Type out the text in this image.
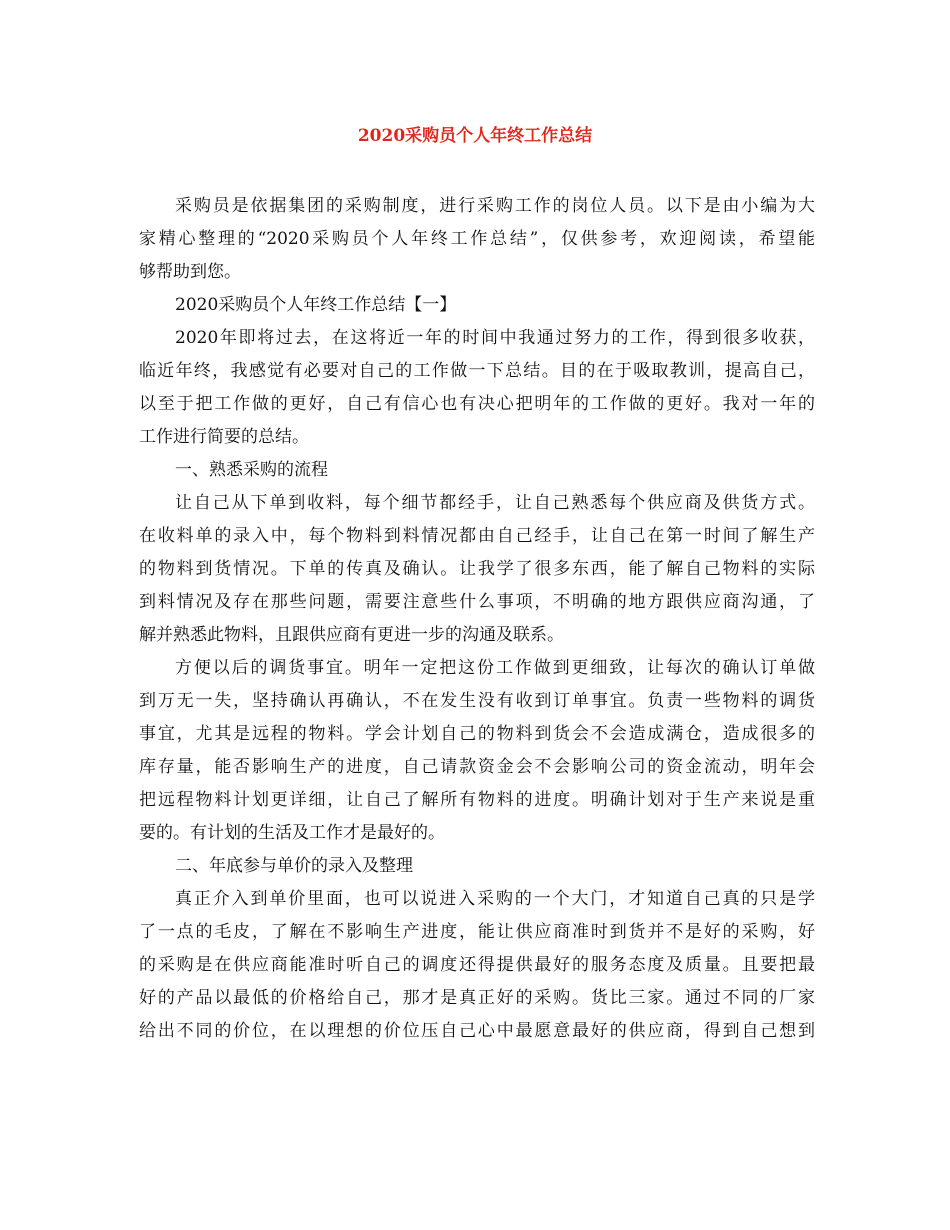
2020采购员个人年终工作总结
采购员是依据集团的采购制度，进行采购工作的岗位人员。以下是由小编为大
家精心整理的“2020采购员个人年终工作总结”，仅供参考，欢迎阅读，希望能
够帮助到您。
2020采购员个人年终工作总结【一】
2020年即将过去，在这将近一年的时间中我通过努力的工作，得到很多收获，
临近年终，我感觉有必要对自己的工作做一下总结。目的在于吸取教训，提高自己，
以至于把工作做的更好，自己有信心也有决心把明年的工作做的更好。我对一年的
工作进行简要的总结。
一、熟悉采购的流程
让自己从下单到收料，每个细节都经手，让自己熟悉每个供应商及供货方式。
在收料单的录入中，每个物料到料情况都由自己经手，让自己在第一时间了解生产
的物料到货情况。下单的传真及确认。让我学了很多东西，能了解自己物料的实际
到料情况及存在那些问题，需要注意些什么事项，不明确的地方跟供应商沟通，了
解并熟悉此物料，且跟供应商有更进一步的沟通及联系。
方便以后的调货事宜。明年一定把这份工作做到更细致，让每次的确认订单做
到万无一失，坚持确认再确认，不在发生没有收到订单事宜。负责一些物料的调货
事宜，尤其是远程的物料。学会计划自己的物料到货会不会造成满仓，造成很多的
库存量，能否影响生产的进度，自己请款资金会不会影响公司的资金流动，明年会
把远程物料计划更详细，让自己了解所有物料的进度。明确计划对于生产来说是重
要的。有计划的生活及工作才是最好的。
二、年底参与单价的录入及整理
真正介入到单价里面，也可以说进入采购的一个大门，才知道自己真的只是学
了一点的毛皮，了解在不影响生产进度，能让供应商准时到货并不是好的采购，好
的采购是在供应商能准时听自己的调度还得提供最好的服务态度及质量。且要把最
好的产品以最低的价格给自己，那才是真正好的采购。货比三家。通过不同的厂家
给出不同的价位，在以理想的价位压自己心中最愿意最好的供应商，得到自己想到
